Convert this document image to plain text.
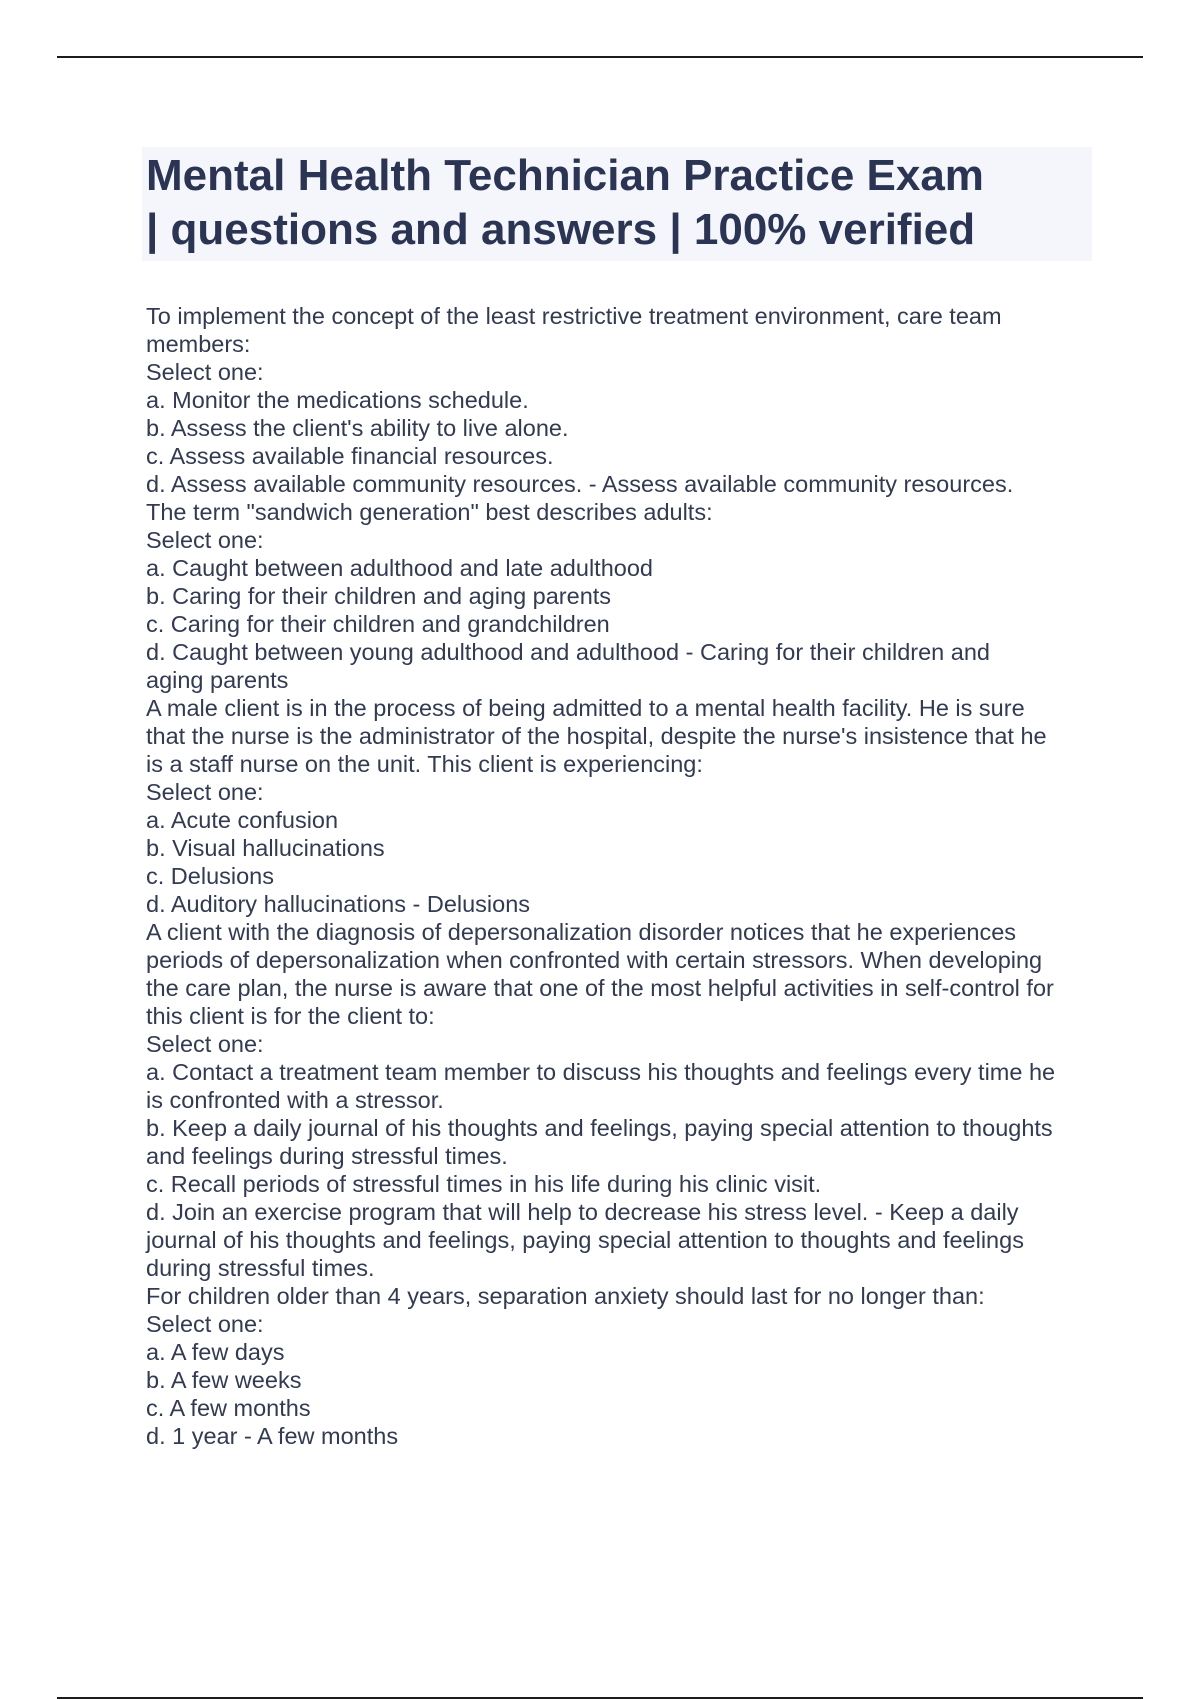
Mental Health Technician Practice Exam
| questions and answers | 100% verified
To implement the concept of the least restrictive treatment environment, care team
members:
Select one:
a. Monitor the medications schedule.
b. Assess the client's ability to live alone.
c. Assess available financial resources.
d. Assess available community resources. - Assess available community resources.
The term "sandwich generation" best describes adults:
Select one:
a. Caught between adulthood and late adulthood
b. Caring for their children and aging parents
c. Caring for their children and grandchildren
d. Caught between young adulthood and adulthood - Caring for their children and
aging parents
A male client is in the process of being admitted to a mental health facility. He is sure
that the nurse is the administrator of the hospital, despite the nurse's insistence that he
is a staff nurse on the unit. This client is experiencing:
Select one:
a. Acute confusion
b. Visual hallucinations
c. Delusions
d. Auditory hallucinations - Delusions
A client with the diagnosis of depersonalization disorder notices that he experiences
periods of depersonalization when confronted with certain stressors. When developing
the care plan, the nurse is aware that one of the most helpful activities in self-control for
this client is for the client to:
Select one:
a. Contact a treatment team member to discuss his thoughts and feelings every time he
is confronted with a stressor.
b. Keep a daily journal of his thoughts and feelings, paying special attention to thoughts
and feelings during stressful times.
c. Recall periods of stressful times in his life during his clinic visit.
d. Join an exercise program that will help to decrease his stress level. - Keep a daily
journal of his thoughts and feelings, paying special attention to thoughts and feelings
during stressful times.
For children older than 4 years, separation anxiety should last for no longer than:
Select one:
a. A few days
b. A few weeks
c. A few months
d. 1 year - A few months
